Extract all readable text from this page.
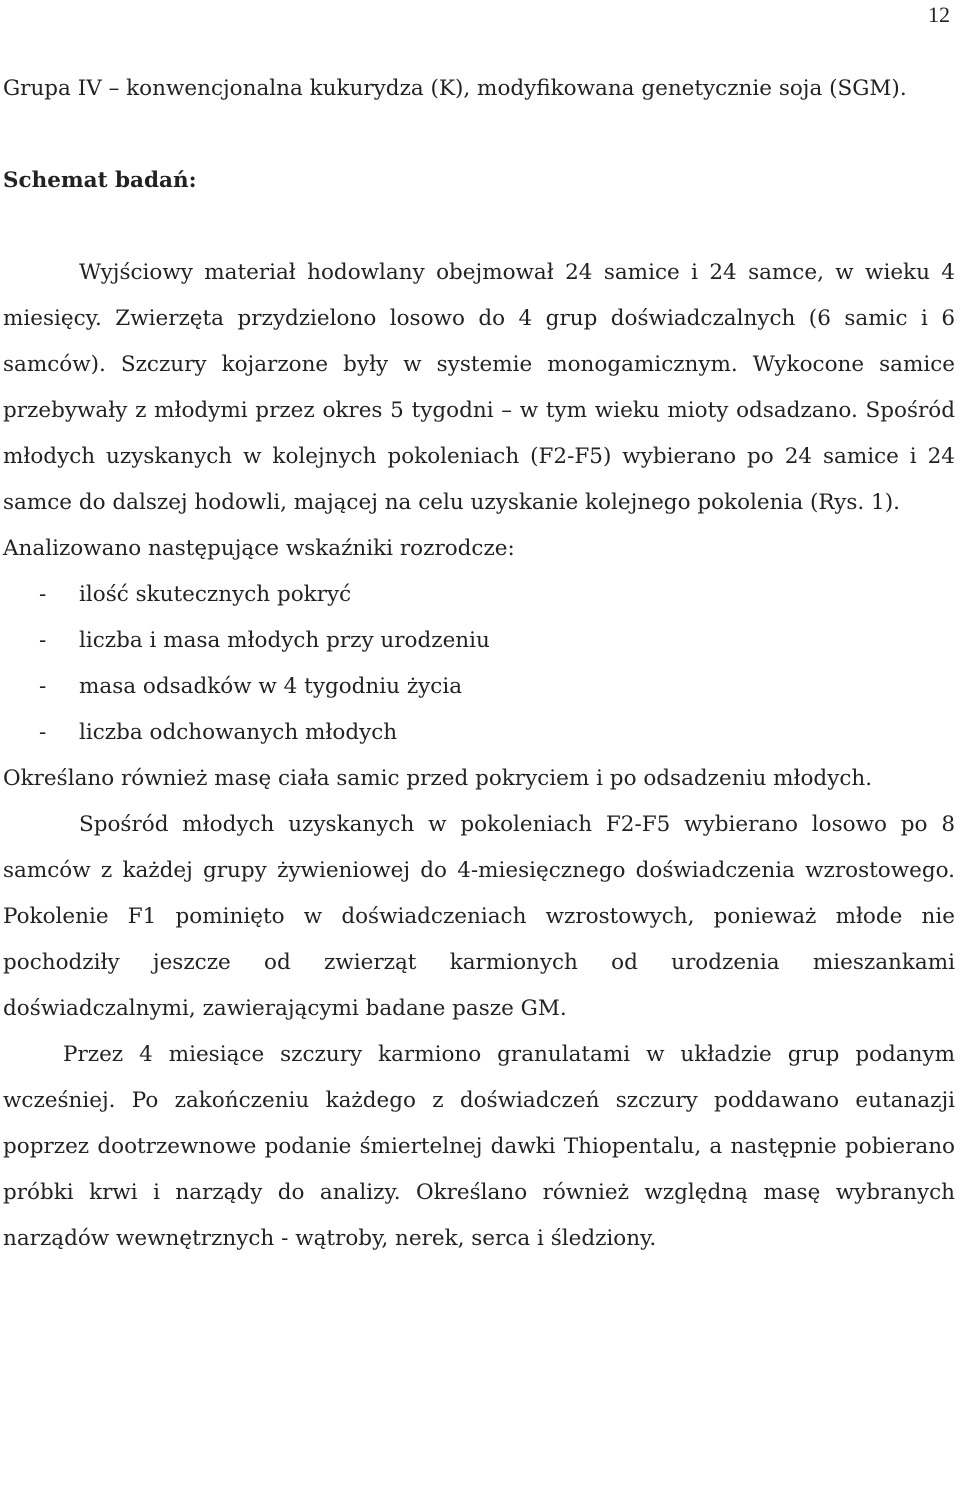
12

Grupa IV – konwencjonalna kukurydza (K), modyfikowana genetycznie soja (SGM).

Schemat badań:

Wyjściowy materiał hodowlany obejmował 24 samice i 24 samce, w wieku 4 miesięcy. Zwierzęta przydzielono losowo do 4 grup doświadczalnych (6 samic i 6 samców). Szczury kojarzone były w systemie monogamicznym. Wykocone samice przebywały z młodymi przez okres 5 tygodni – w tym wieku mioty odsadzano. Spośród młodych uzyskanych w kolejnych pokoleniach (F2-F5) wybierano po 24 samice i 24 samce do dalszej hodowli, mającej na celu uzyskanie kolejnego pokolenia (Rys. 1).

Analizowano następujące wskaźniki rozrodcze:

- ilość skutecznych pokryć
- liczba i masa młodych przy urodzeniu
- masa odsadków w 4 tygodniu życia
- liczba odchowanych młodych

Określano również masę ciała samic przed pokryciem i po odsadzeniu młodych.

Spośród młodych uzyskanych w pokoleniach F2-F5 wybierano losowo po 8 samców z każdej grupy żywieniowej do 4-miesięcznego doświadczenia wzrostowego. Pokolenie F1 pominięto w doświadczeniach wzrostowych, ponieważ młode nie pochodziły jeszcze od zwierząt karmionych od urodzenia mieszankami doświadczalnymi, zawierającymi badane pasze GM.

Przez 4 miesiące szczury karmiono granulatami w układzie grup podanym wcześniej. Po zakończeniu każdego z doświadczeń szczury poddawano eutanazji poprzez dootrzewnowe podanie śmiertelnej dawki Thiopentalu, a następnie pobierano próbki krwi i narządy do analizy. Określano również względną masę wybranych narządów wewnętrznych - wątroby, nerek, serca i śledziony.
